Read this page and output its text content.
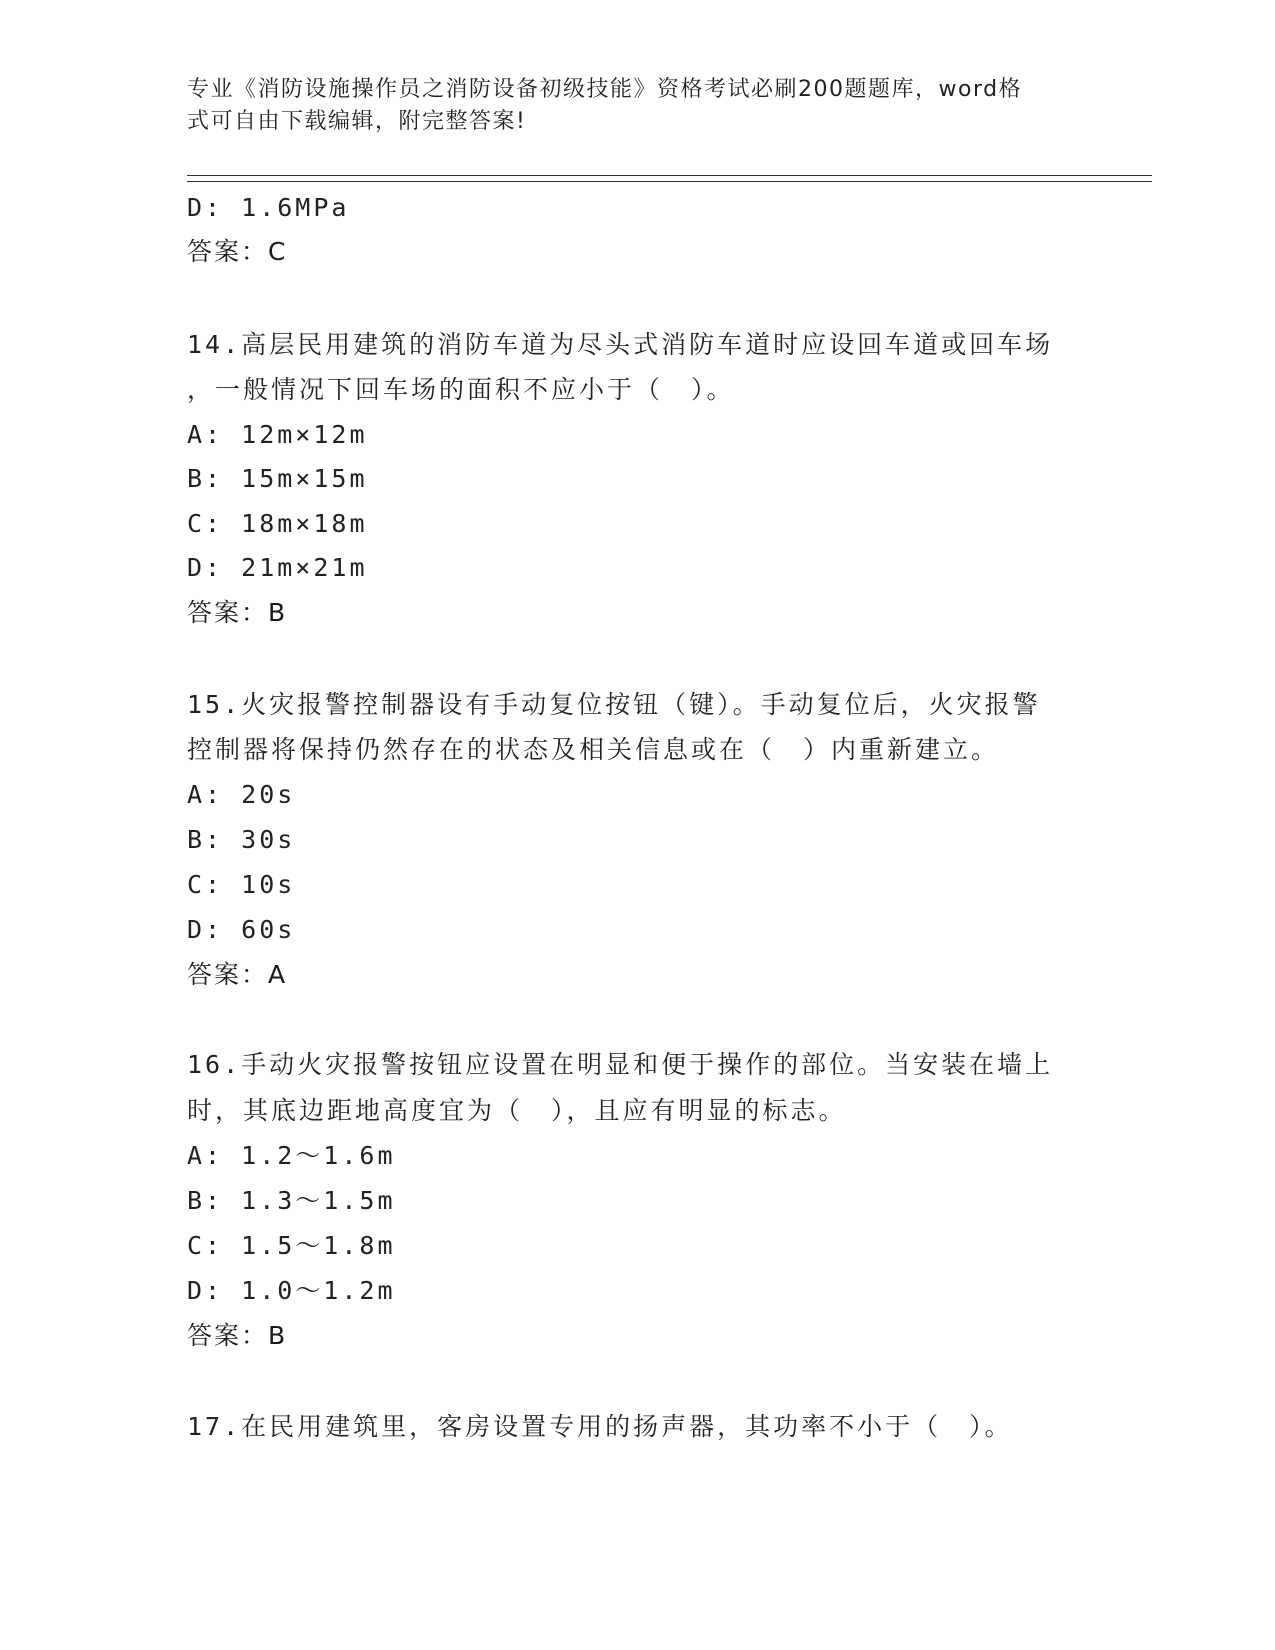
专业《消防设施操作员之消防设备初级技能》资格考试必刷200题题库，word格
式可自由下载编辑，附完整答案!
D: 1.6MPa
答案：C
14.高层民用建筑的消防车道为尽头式消防车道时应设回车道或回车场
，一般情况下回车场的面积不应小于（　）。
A: 12m×12m
B: 15m×15m
C: 18m×18m
D: 21m×21m
答案：B
15.火灾报警控制器设有手动复位按钮（键）。手动复位后，火灾报警
控制器将保持仍然存在的状态及相关信息或在（　）内重新建立。
A: 20s
B: 30s
C: 10s
D: 60s
答案：A
16.手动火灾报警按钮应设置在明显和便于操作的部位。当安装在墙上
时，其底边距地高度宜为（　），且应有明显的标志。
A: 1.2～1.6m
B: 1.3～1.5m
C: 1.5～1.8m
D: 1.0～1.2m
答案：B
17.在民用建筑里，客房设置专用的扬声器，其功率不小于（　）。
